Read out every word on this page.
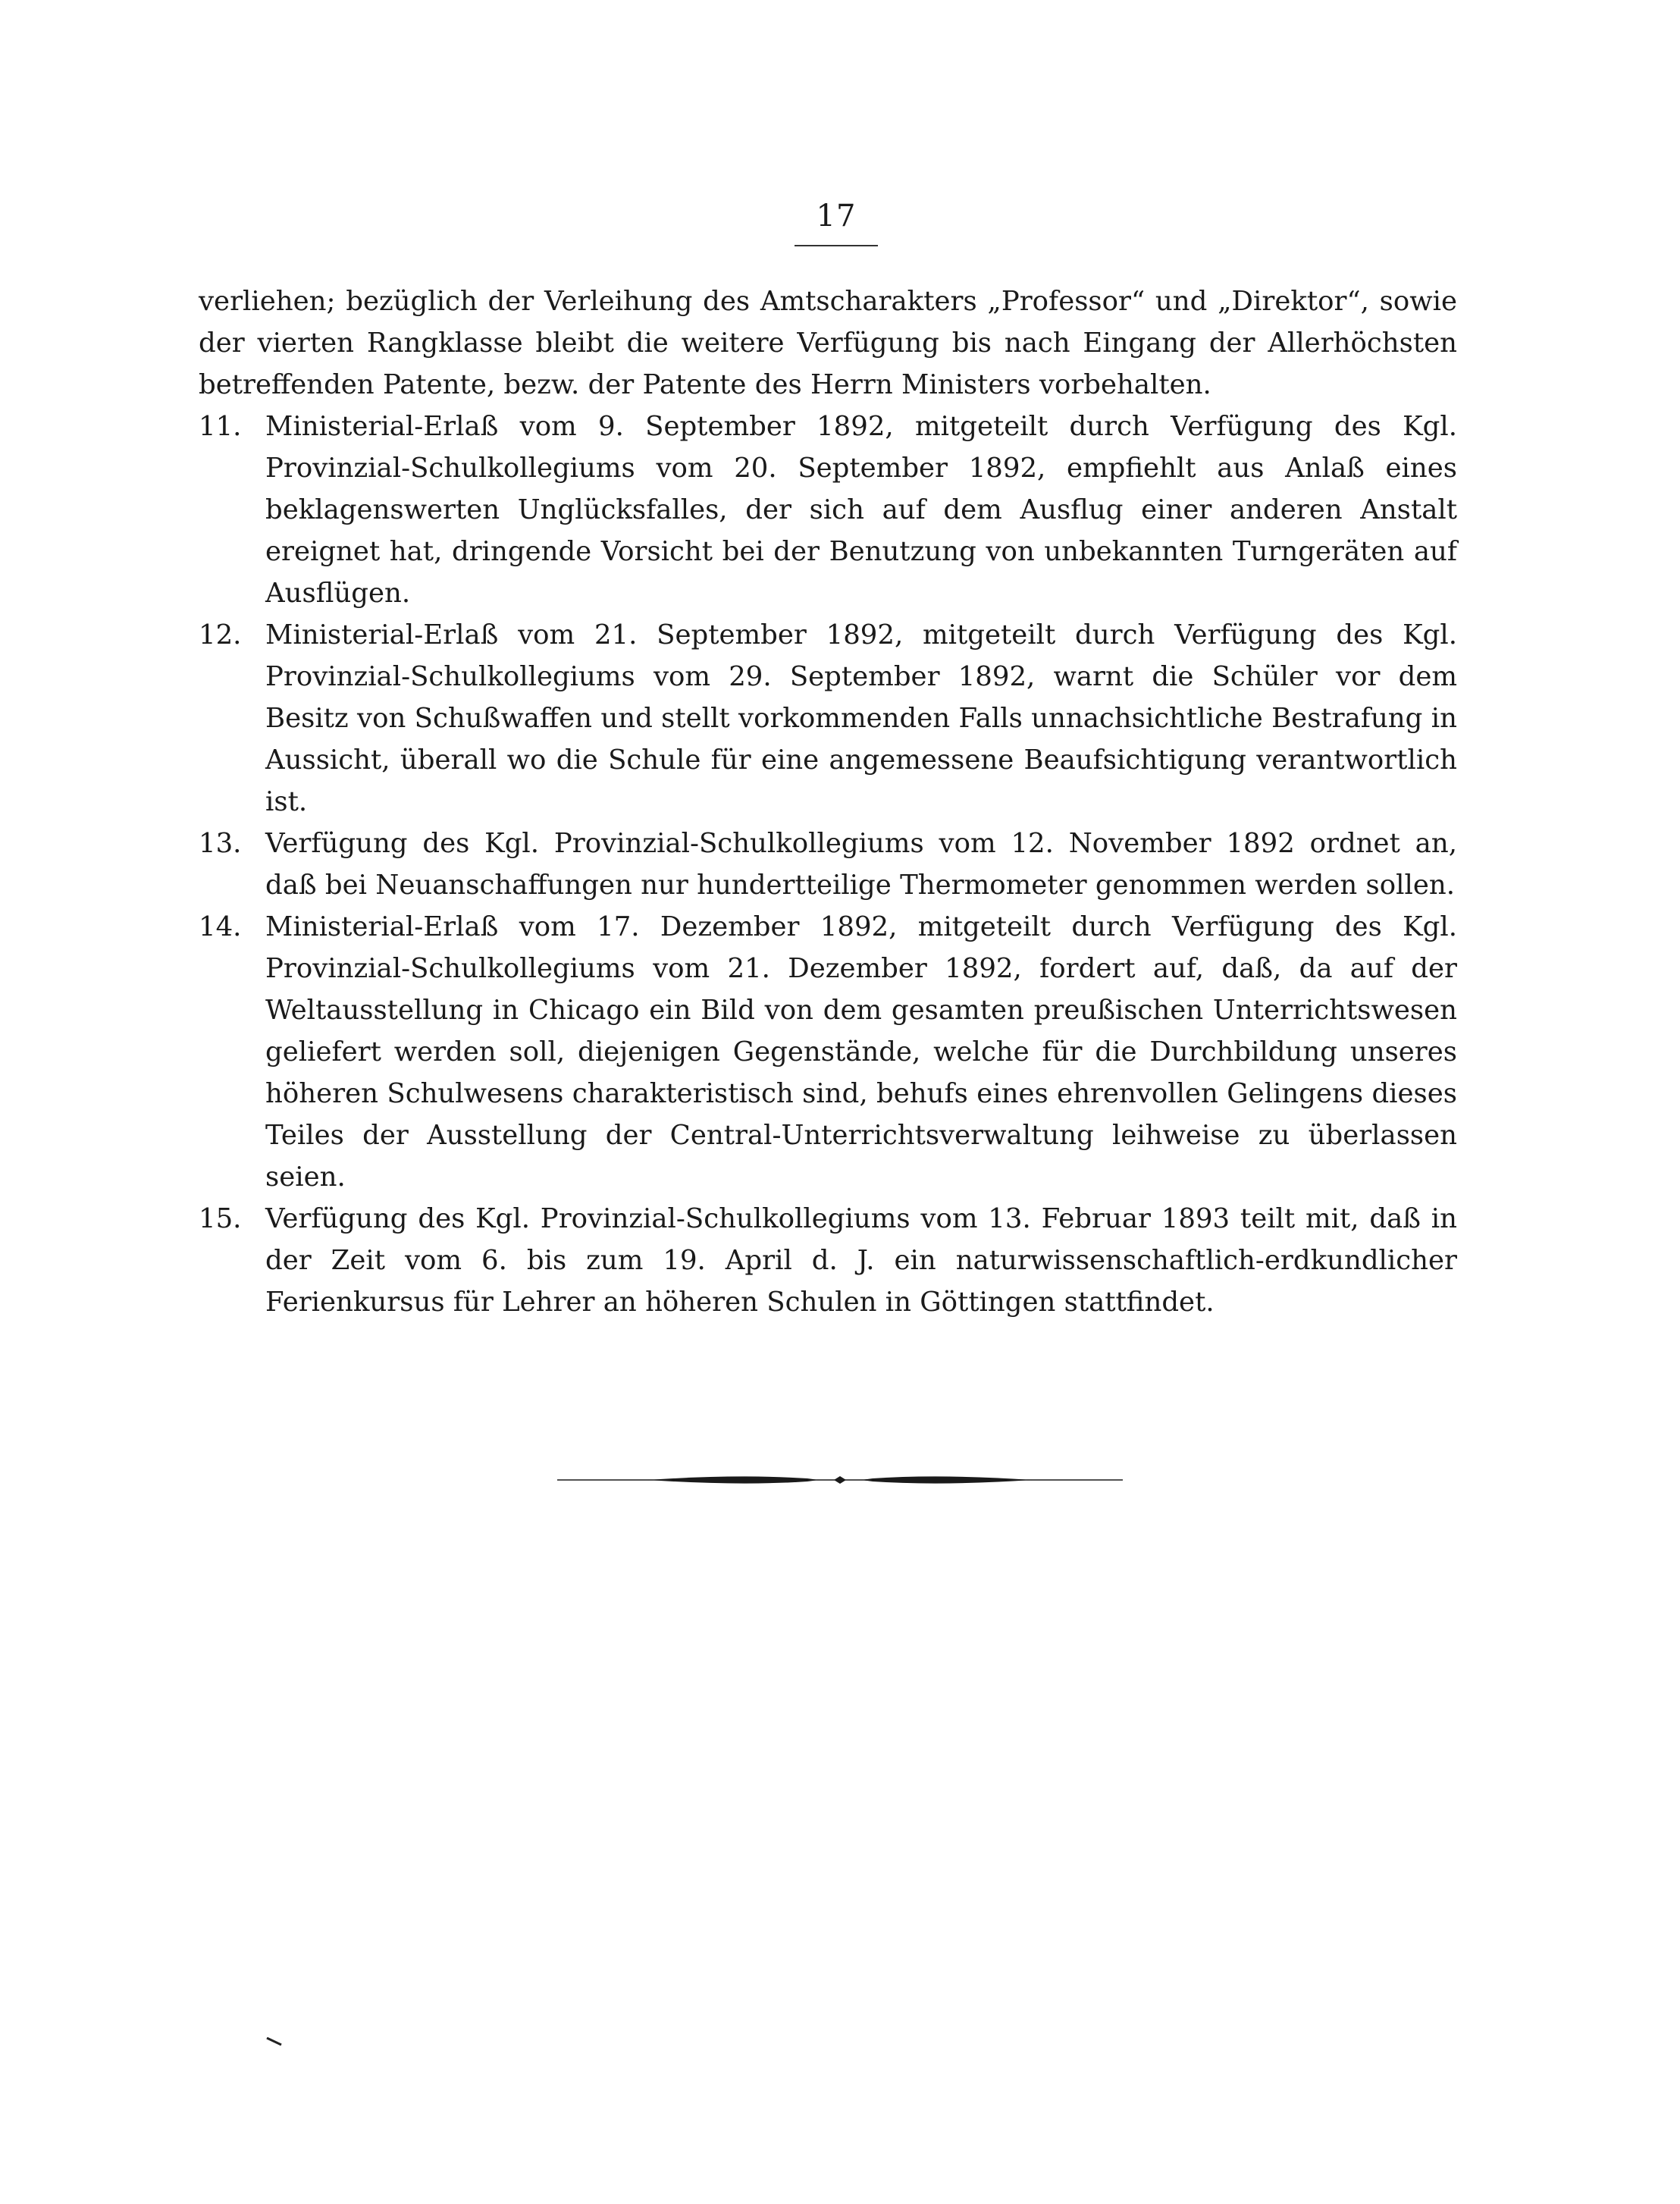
17

verliehen; bezüglich der Verleihung des Amtscharakters „Professor“ und „Direktor“, sowie der vierten Rangklasse bleibt die weitere Verfügung bis nach Eingang der Allerhöchsten betreffenden Patente, bezw. der Patente des Herrn Ministers vorbehalten.

11. Ministerial-Erlaß vom 9. September 1892, mitgeteilt durch Verfügung des Kgl. Provinzial-Schulkollegiums vom 20. September 1892, empfiehlt aus Anlaß eines beklagenswerten Unglücksfalles, der sich auf dem Ausflug einer anderen Anstalt ereignet hat, dringende Vorsicht bei der Benutzung von unbekannten Turngeräten auf Ausflügen.

12. Ministerial-Erlaß vom 21. September 1892, mitgeteilt durch Verfügung des Kgl. Provinzial-Schulkollegiums vom 29. September 1892, warnt die Schüler vor dem Besitz von Schußwaffen und stellt vorkommenden Falls unnachsichtliche Bestrafung in Aussicht, überall wo die Schule für eine angemessene Beaufsichtigung verantwortlich ist.

13. Verfügung des Kgl. Provinzial-Schulkollegiums vom 12. November 1892 ordnet an, daß bei Neuanschaffungen nur hundertteilige Thermometer genommen werden sollen.

14. Ministerial-Erlaß vom 17. Dezember 1892, mitgeteilt durch Verfügung des Kgl. Provinzial-Schulkollegiums vom 21. Dezember 1892, fordert auf, daß, da auf der Weltausstellung in Chicago ein Bild von dem gesamten preußischen Unterrichtswesen geliefert werden soll, diejenigen Gegenstände, welche für die Durchbildung unseres höheren Schulwesens charakteristisch sind, behufs eines ehrenvollen Gelingens dieses Teiles der Ausstellung der Central-Unterrichtsverwaltung leihweise zu überlassen seien.

15. Verfügung des Kgl. Provinzial-Schulkollegiums vom 13. Februar 1893 teilt mit, daß in der Zeit vom 6. bis zum 19. April d. J. ein naturwissenschaftlich-erdkundlicher Ferienkursus für Lehrer an höheren Schulen in Göttingen stattfindet.
